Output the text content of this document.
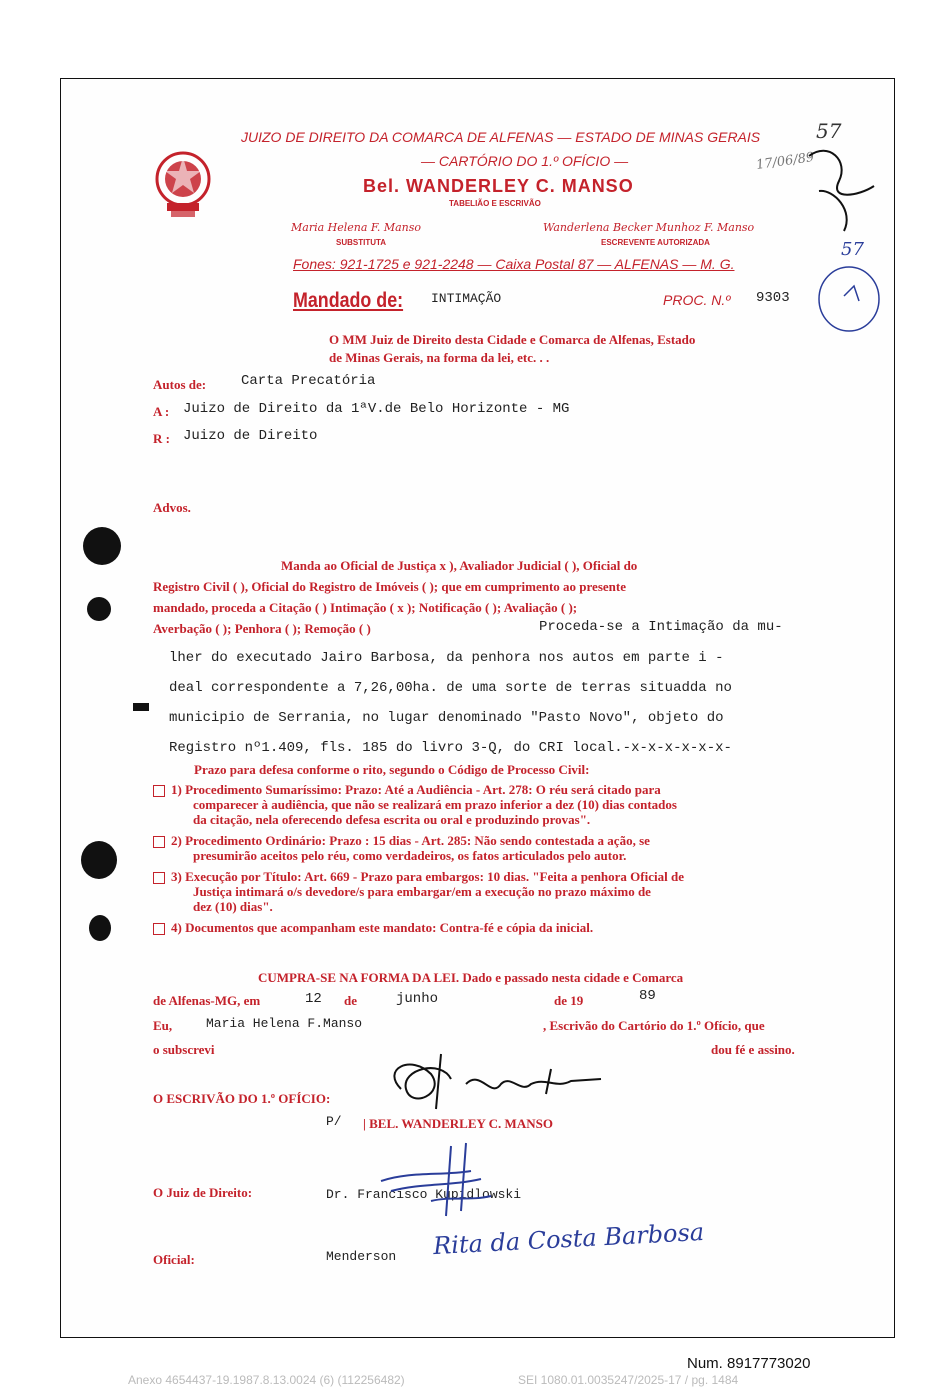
JUIZO DE DIREITO DA COMARCA DE ALFENAS — ESTADO DE MINAS GERAIS
— CARTÓRIO DO 1.º OFÍCIO —
Bel. WANDERLEY C. MANSO
TABELIÃO E ESCRIVÃO
Maria Helena F. Manso
SUBSTITUTA
Wanderlena Becker Munhoz F. Manso
ESCREVENTE AUTORIZADA
Fones: 921-1725 e 921-2248 — Caixa Postal 87 — ALFENAS — M. G.
Mandado de: INTIMAÇÃO	PROC. N.º 9303
O MM Juiz de Direito desta Cidade e Comarca de Alfenas, Estado
de Minas Gerais, na forma da lei, etc. . .
Autos de: Carta Precatória
A : Juizo de Direito da 1ªV.de Belo Horizonte - MG
R : Juizo de Direito
Advos.
Manda ao Oficial de Justiça x ), Avaliador Judicial ( ), Oficial do
Registro Civil ( ), Oficial do Registro de Imóveis ( ); que em cumprimento ao presente
mandado, proceda a Citação ( ) Intimação ( x ); Notificação ( ); Avaliação ( );
Averbação ( ); Penhora ( ); Remoção ( )	Proceda-se a Intimação da mu-
lher do executado Jairo Barbosa, da penhora nos autos em parte i -
deal correspondente a 7,26,00ha. de uma sorte de terras situadda no
municipio de Serrania, no lugar denominado "Pasto Novo", objeto do
Registro nº1.409, fls. 185 do livro 3-Q, do CRI local.-x-x-x-x-x-x-
Prazo para defesa conforme o rito, segundo o Código de Processo Civil:
1) Procedimento Sumaríssimo: Prazo: Até a Audiência - Art. 278: O réu será citado para
comparecer à audiência, que não se realizará em prazo inferior a dez (10) dias contados
da citação, nela oferecendo defesa escrita ou oral e produzindo provas".
2) Procedimento Ordinário: Prazo : 15 dias - Art. 285: Não sendo contestada a ação, se
presumirão aceitos pelo réu, como verdadeiros, os fatos articulados pelo autor.
3) Execução por Título: Art. 669 - Prazo para embargos: 10 dias. "Feita a penhora Oficial de
Justiça intimará o/s devedore/s para embargar/em a execução no prazo máximo de
dez (10) dias".
4) Documentos que acompanham este mandato: Contra-fé e cópia da inicial.
CUMPRA-SE NA FORMA DA LEI. Dado e passado nesta cidade e Comarca
de Alfenas-MG, em	12 de	junho	de 19	89
Eu,	Maria Helena F.Manso	, Escrivão do Cartório do 1.º Ofício, que
o subscrevi	dou fé e assino.
O ESCRIVÃO DO 1.º OFÍCIO:
P/ | BEL. WANDERLEY C. MANSO
O Juiz de Direito:	Dr. Francisco Kupidlowski
Oficial:	Menderson Rita da Costa Barbosa
17/06/89
57
57
Num. 8917773020
Anexo 4654437-19.1987.8.13.0024 (6) (112256482)	SEI 1080.01.0035247/2025-17 / pg. 1484
